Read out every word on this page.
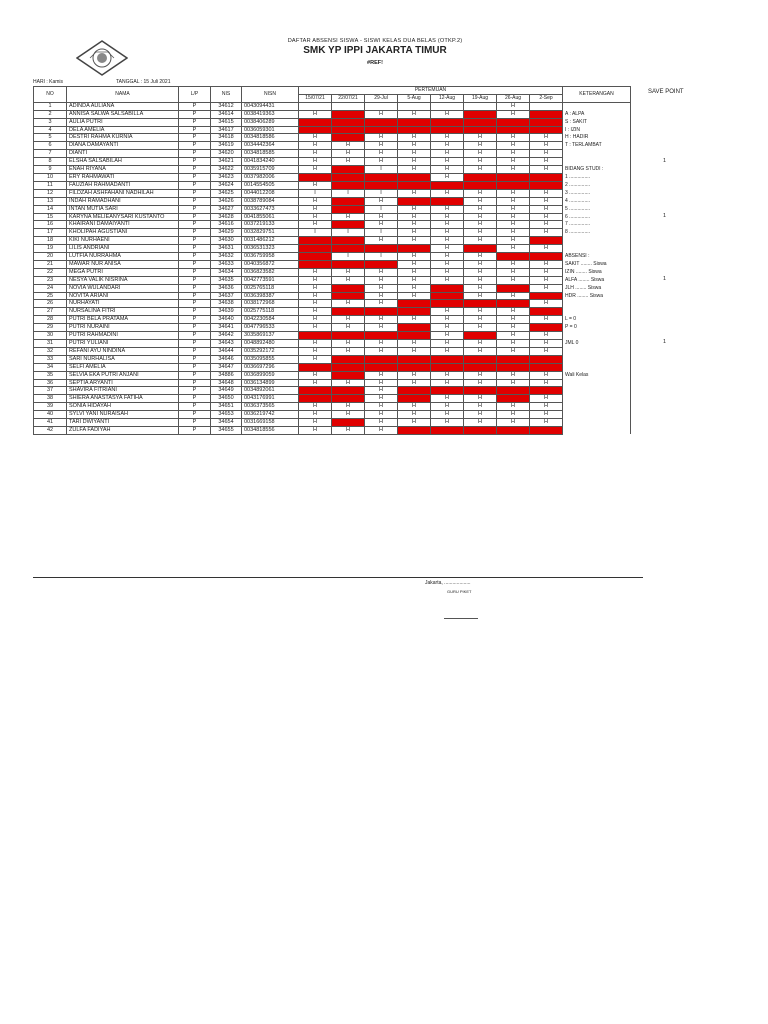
DAFTAR ABSENSI SISWA - SISWI KELAS DUA BELAS (OTKP.2)
SMK YP IPPI JAKARTA TIMUR
#REF!
HARI : Kamis	TANGGAL : 15 Juli 2021
SAVE POINT
NO	NAMA	L/P	NIS	NISN	PERTEMUAN								KETERANGAN
					15/07/21	22/07/21	29-Jul	5-Aug	12-Aug	19-Aug	26-Aug	2-Sep	
1	ADINDA AULIANA	P	34612	0043094431							H		
2	ANNISA SALWA SALSABILLA	P	34614	0038419363	H		H	H	H		H		A : ALPA
3	AULIA PUTRI	P	34615	0038406289									S : SAKIT
4	DELA AMELIA	P	34617	0036059301									I : IZIN
5	DESTRI RAHMA KURNIA	P	34618	0034818586	H		H	H	H	H	H	H	H : HADIR
6	DIANA DAMAYANTI	P	34619	0034442364	H	H	H	H	H	H	H	H	T : TERLAMBAT
7	DIANTI	P	34620	0034818585	H	H	H	H	H	H	H	H	
8	ELSHA SALSABILAH	P	34621	0041834240	H	H	H	H	H	H	H	H	
9	ENAH RIYANA	P	34622	0035915709	H		I	H	H	H	H	H	BIDANG STUDI :
10	ERY RAHMAWATI	P	34623	0037982006					H				1 ...............
11	FAUZIAH RAHMADANTI	P	34624	0014554505	H								2 ...............
12	FILDZAH ASHFAHANI NADHILAH	P	34625	0044012208	I	I	I	H	H	H	H	H	3 ...............
13	INDAH RAMADHANI	P	34626	0038789084	H		H			H	H	H	4 ...............
14	INTAN MUTIA SARI	P	34627	0033627473	H		I	H	H	H	H	H	5 ...............
15	KARYNA MELIEANYSARI KUSTANTO	P	34628	0041855061	H	H	H	H	H	H	H	H	6 ...............
16	KHAIRANI DAMAIYANTI	P	34616	0037219133	H		H	H	H	H	H	H	7 ...............
17	KHOLIPAH AGUSTIANI	P	34629	0032829751	I	I	I	H	H	H	H	H	8 ...............
18	KIKI NURHAENI	P	34630	0031486212			H	H	H	H	H		
19	LILIS ANDRIANI	P	34631	0036531323					H		H	H	
20	LUTFIA NURRAHMA	P	34632	0036759958		I	I	H	H	H			ABSENSI :
21	MAWAR NUR ANISA	P	34633	0040356872				H	H	H	H	H	SAKIT ........ Siswa
22	MEGA PUTRI	P	34634	0036823582	H	H	H	H	H	H	H	H	IZIN ........ Siswa
23	NESYA VALIK NISRINA	P	34635	0042773591	H	H	H	H	H	H	H	H	ALFA ........ Siswa
24	NOVIA WULANDARI	P	34636	0025765118	H		H	H		H		H	JLH ........ Siswa
25	NOVITA ARIANI	P	34637	0036398387	H		H	H		H	H		HDR ........ Siswa
26	NURHAYATI	P	34638	0038172968	H	H	H					H	
27	NURSALINA FITRI	P	34639	0025775118	H				H	H	H		
28	PUTRI BELA PRATAMA	P	34640	0042230584	H	H	H	H	H	H	H	H	L = 0
29	PUTRI NURAINI	P	34641	0047796533	H	H	H		H	H	H		P = 0
30	PUTRI RAHMADINI	P	34642	3035869137					H		H	H	
31	PUTRI YULIANI	P	34643	0048892480	H	H	H	H	H	H	H	H	JML 0
32	REFANI AYU NINDINA	P	34644	0035292172	H	H	H	H	H	H	H	H	
33	SARI NURHALISA	P	34646	0035095855	H								
34	SELFI AMELIA	P	34647	0036697296									
35	SELVIA EKA PUTRI ANJANI	P	34886	0036899059	H		H	H	H	H	H	H	Wali Kelas
36	SEPTIA ARYANTI	P	34648	0036134899	H	H	H	H	H	H	H	H	
37	SHAVIRA FITRIANI	P	34649	0034892061			H						
38	SHIERA ANASTASYA FATIHA	P	34650	0043176991			H		H	H		H	
39	SONIA HIDAYAH	P	34651	0036373565	H	H	H	H	H	H	H	H	
40	SYLVI YANI NURAISAH	P	34653	0036219742	H	H	H	H	H	H	H	H	
41	TARI DWIYANTI	P	34654	0031669158	H		H	H	H	H	H	H	
42	ZULFA FADIYAH	P	34655	0034818556	H	H	H						
1
1
1
1
Jakarta, ...................
GURU PIKET
